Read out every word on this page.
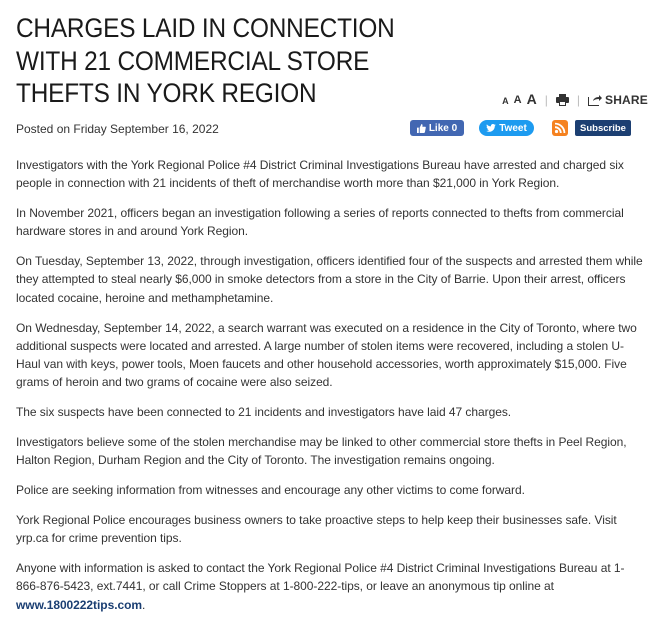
CHARGES LAID IN CONNECTION WITH 21 COMMERCIAL STORE THEFTS IN YORK REGION	A A A | | SHARE
Posted on Friday September 16, 2022	Like 0	Tweet	Subscribe

Investigators with the York Regional Police #4 District Criminal Investigations Bureau have arrested and charged six people in connection with 21 incidents of theft of merchandise worth more than $21,000 in York Region.

In November 2021, officers began an investigation following a series of reports connected to thefts from commercial hardware stores in and around York Region.

On Tuesday, September 13, 2022, through investigation, officers identified four of the suspects and arrested them while they attempted to steal nearly $6,000 in smoke detectors from a store in the City of Barrie. Upon their arrest, officers located cocaine, heroine and methamphetamine.

On Wednesday, September 14, 2022, a search warrant was executed on a residence in the City of Toronto, where two additional suspects were located and arrested. A large number of stolen items were recovered, including a stolen U-Haul van with keys, power tools, Moen faucets and other household accessories, worth approximately $15,000. Five grams of heroin and two grams of cocaine were also seized.

The six suspects have been connected to 21 incidents and investigators have laid 47 charges.

Investigators believe some of the stolen merchandise may be linked to other commercial store thefts in Peel Region, Halton Region, Durham Region and the City of Toronto. The investigation remains ongoing.

Police are seeking information from witnesses and encourage any other victims to come forward.

York Regional Police encourages business owners to take proactive steps to help keep their businesses safe. Visit yrp.ca for crime prevention tips.

Anyone with information is asked to contact the York Regional Police #4 District Criminal Investigations Bureau at 1-866-876-5423, ext.7441, or call Crime Stoppers at 1-800-222-tips, or leave an anonymous tip online at www.1800222tips.com.
